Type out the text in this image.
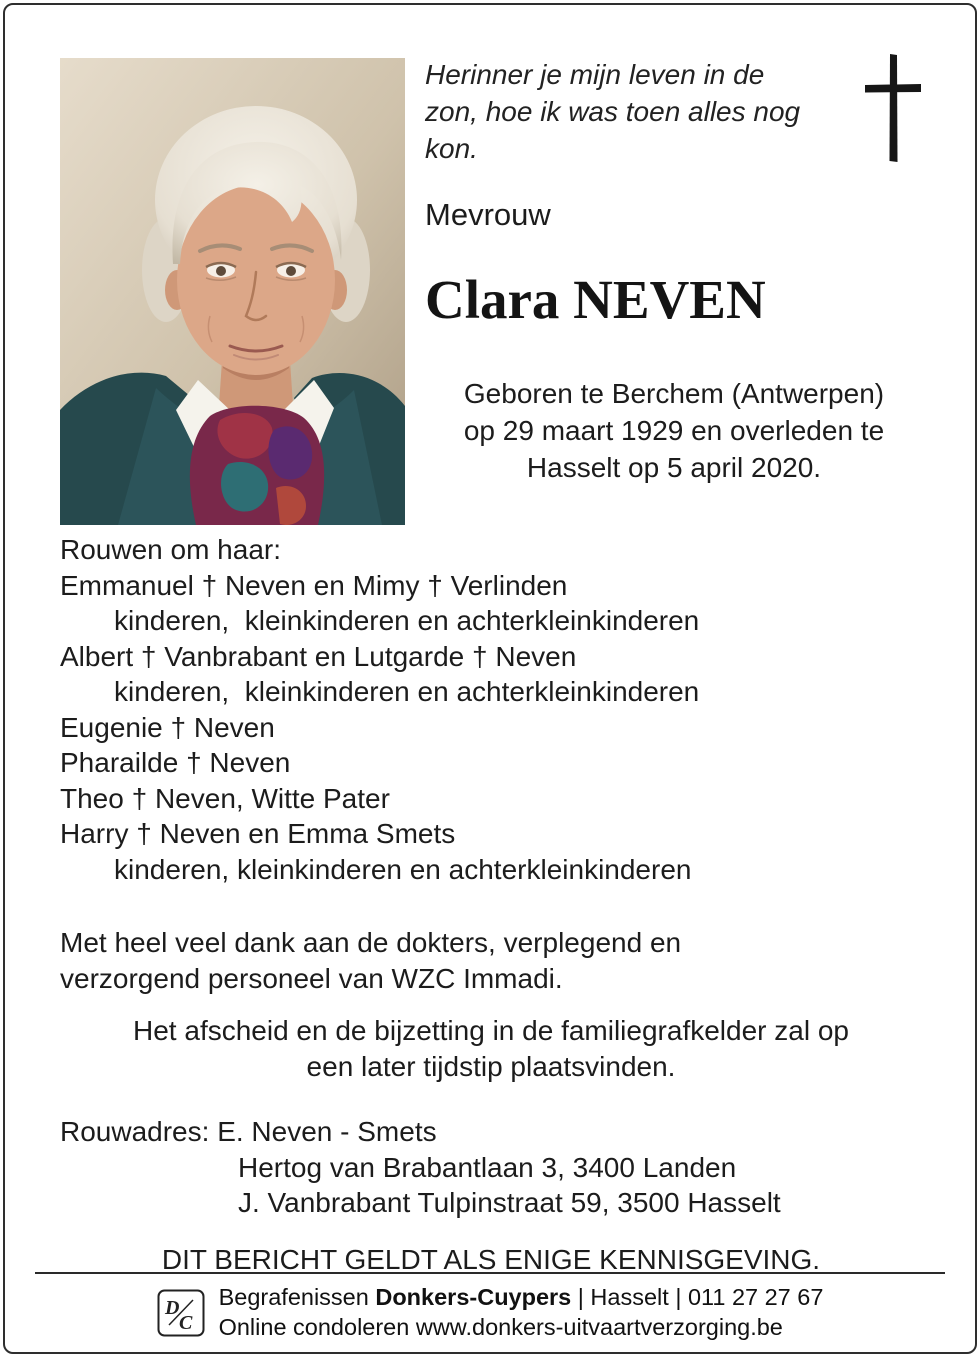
Herinner je mijn leven in de zon, hoe ik was toen alles nog kon.
Mevrouw
Clara NEVEN
Geboren te Berchem (Antwerpen) op 29 maart 1929 en overleden te Hasselt op 5 april 2020.
Rouwen om haar:
Emmanuel † Neven en Mimy † Verlinden
kinderen,  kleinkinderen en achterkleinkinderen
Albert † Vanbrabant en Lutgarde † Neven
kinderen,  kleinkinderen en achterkleinkinderen
Eugenie † Neven
Pharailde † Neven
Theo † Neven, Witte Pater
Harry † Neven en Emma Smets
kinderen, kleinkinderen en achterkleinkinderen
Met heel veel dank aan de dokters, verplegend en verzorgend personeel van WZC Immadi.
Het afscheid en de bijzetting in de familiegrafkelder zal op een later tijdstip plaatsvinden.
Rouwadres: E. Neven - Smets
Hertog van Brabantlaan 3, 3400 Landen
J. Vanbrabant Tulpinstraat 59, 3500 Hasselt
DIT BERICHT GELDT ALS ENIGE KENNISGEVING.
D
C
Begrafenissen Donkers-Cuypers | Hasselt | 011 27 27 67
Online condoleren www.donkers-uitvaartverzorging.be
